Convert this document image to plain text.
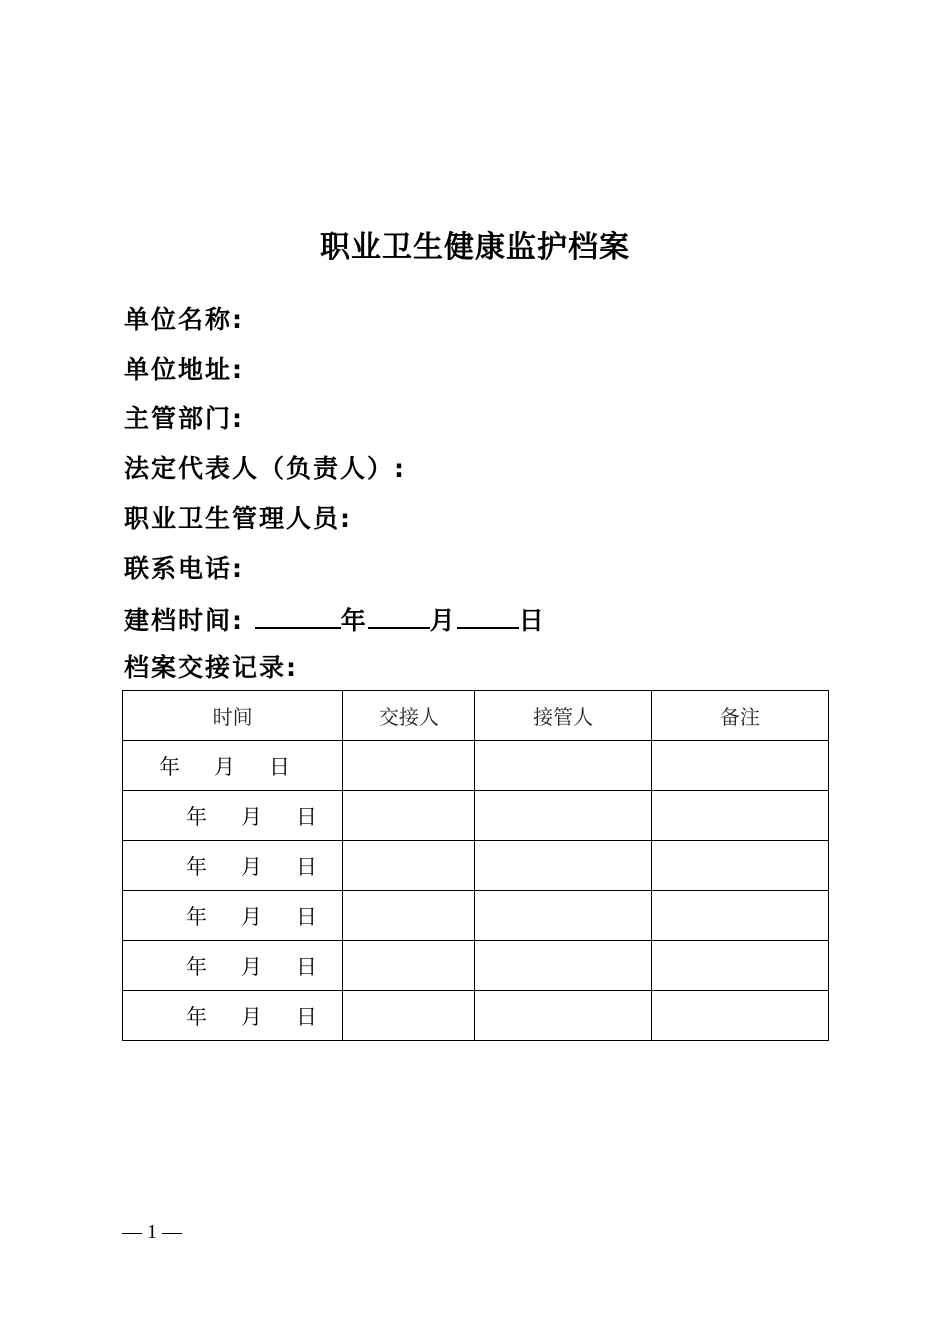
职业卫生健康监护档案
单位名称:
单位地址:
主管部门:
法定代表人（负责人）:
职业卫生管理人员:
联系电话:
建档时间:	年 月 日
档案交接记录:
时间	交接人	接管人	备注
年 月 日			
年 月 日			
年 月 日			
年 月 日			
年 月 日			
年 月 日			
— 1 —
